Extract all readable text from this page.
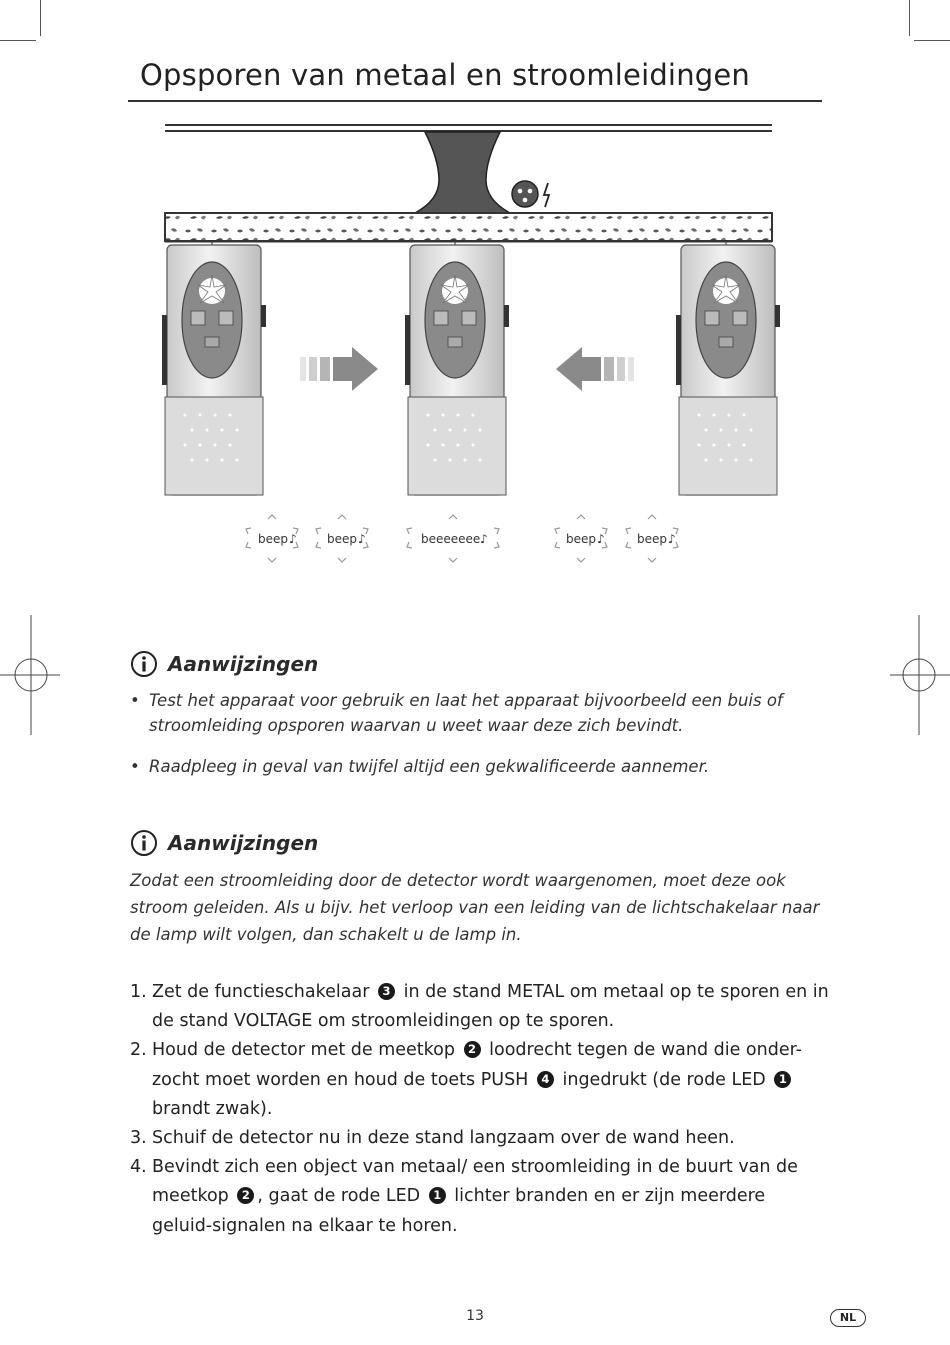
Opsporen van metaal en stroomleidingen
beep ♪	beep ♪	beeeeeee ♪	beep ♪	beep ♪
Aanwijzingen
• Test het apparaat voor gebruik en laat het apparaat bijvoorbeeld een buis of stroomleiding opsporen waarvan u weet waar deze zich bevindt.
• Raadpleeg in geval van twijfel altijd een gekwalificeerde aannemer.
Aanwijzingen

Zodat een stroomleiding door de detector wordt waargenomen, moet deze ook stroom geleiden. Als u bijv. het verloop van een leiding van de lichtschakelaar naar de lamp wilt volgen, dan schakelt u de lamp in.

1. Zet de functieschakelaar 3 in de stand METAL om metaal op te sporen en in de stand VOLTAGE om stroomleidingen op te sporen.
2. Houd de detector met de meetkop 2 loodrecht tegen de wand die onder-zocht moet worden en houd de toets PUSH 4 ingedrukt (de rode LED 1 brandt zwak).
3. Schuif de detector nu in deze stand langzaam over de wand heen.
4. Bevindt zich een object van metaal/ een stroomleiding in de buurt van de meetkop 2 , gaat de rode LED 1 lichter branden en er zijn meerdere geluid-signalen na elkaar te horen.
13	NL
